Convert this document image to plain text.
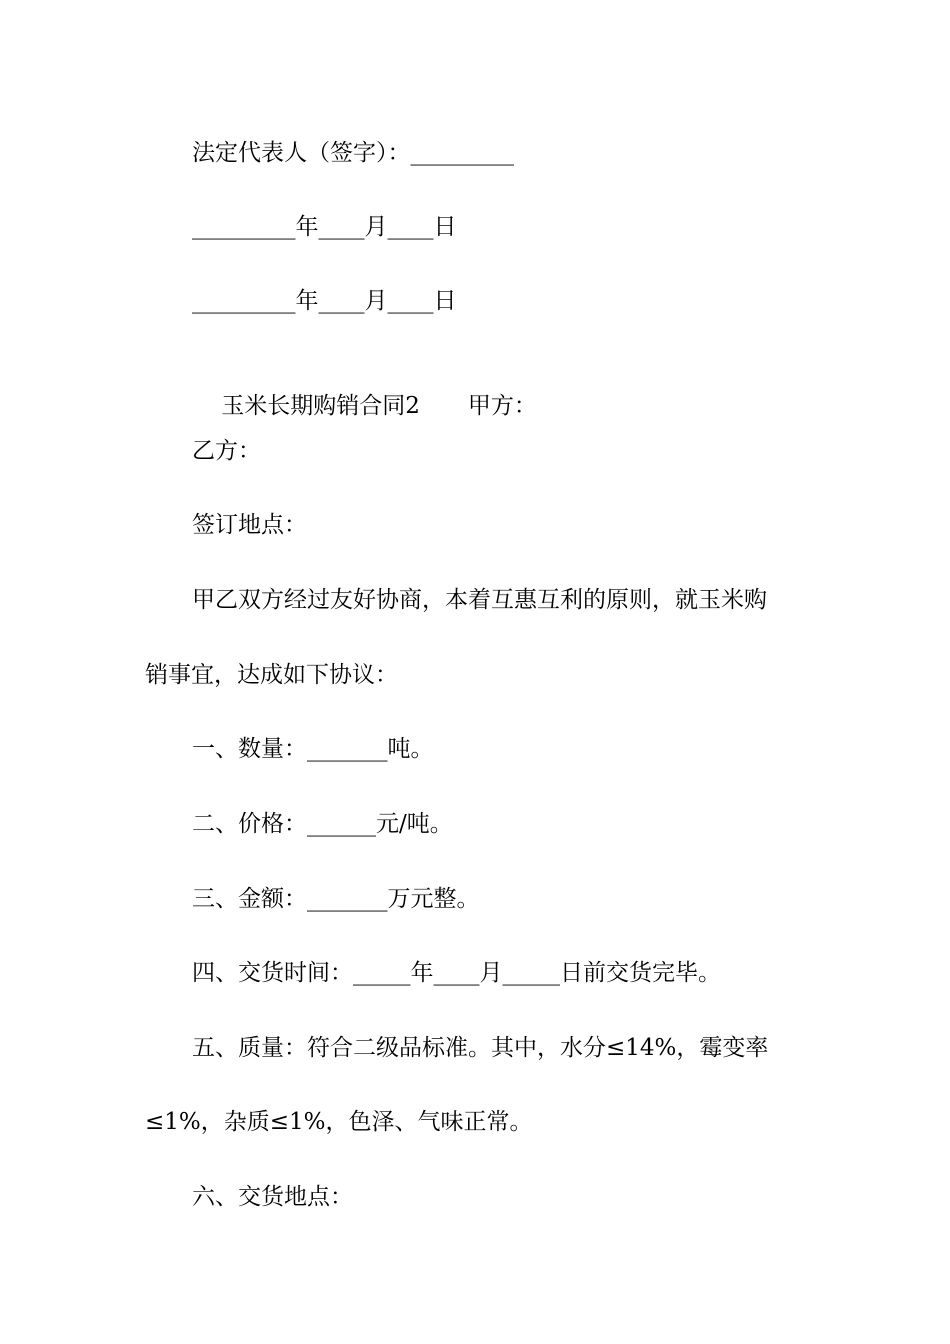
法定代表人（签字）：_________
_________年____月____日
_________年____月____日

玉米长期购销合同2 甲方：

乙方：
签订地点：
甲乙双方经过友好协商，本着互惠互利的原则，就玉米购
销事宜，达成如下协议：
一、数量：_______吨。
二、价格：______元/吨。
三、金额：_______万元整。
四、交货时间：_____年____月_____日前交货完毕。
五、质量：符合二级品标准。其中，水分≤14%，霉变率
≤1%，杂质≤1%，色泽、气味正常。
六、交货地点：
